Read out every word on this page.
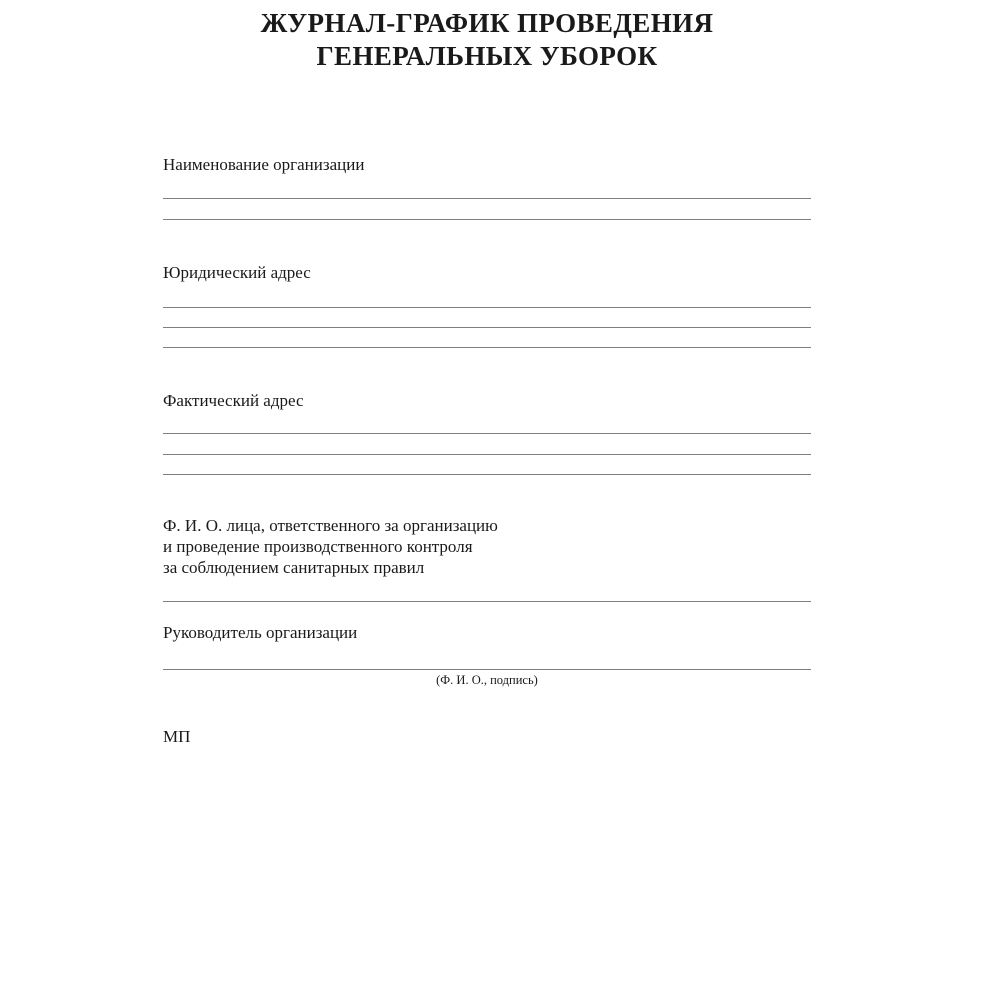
ЖУРНАЛ-ГРАФИК ПРОВЕДЕНИЯ
ГЕНЕРАЛЬНЫХ УБОРОК
Наименование организации
Юридический адрес
Фактический адрес
Ф. И. О. лица, ответственного за организацию
и проведение производственного контроля
за соблюдением санитарных правил
Руководитель организации
(Ф. И. О., подпись)
МП
